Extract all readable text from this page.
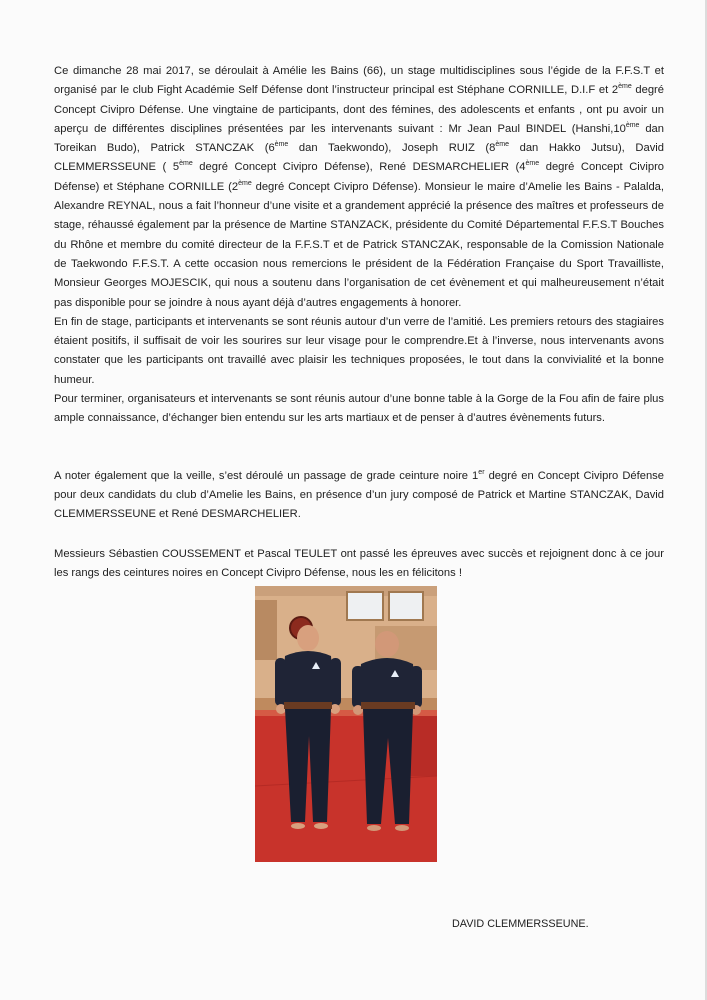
Ce dimanche 28 mai 2017, se déroulait à Amélie les Bains (66), un stage multidisciplines sous l’égide de la F.F.S.T et organisé par le club Fight Académie Self Défense dont l’instructeur principal est Stéphane CORNILLE, D.I.F et 2ème degré Concept Civipro Défense. Une vingtaine de participants, dont des fémines, des adolescents et enfants , ont pu avoir un aperçu de différentes disciplines présentées par les intervenants suivant : Mr Jean Paul BINDEL (Hanshi,10ème dan Toreikan Budo), Patrick STANCZAK (6ème dan Taekwondo), Joseph RUIZ (8ème dan Hakko Jutsu), David CLEMMERSSEUNE ( 5ème degré Concept Civipro Défense), René DESMARCHELIER (4ème degré Concept Civipro Défense) et Stéphane CORNILLE (2ème degré Concept Civipro Défense). Monsieur le maire d’Amelie les Bains - Palalda, Alexandre REYNAL, nous a fait l’honneur d’une visite et a grandement apprécié la présence des maîtres et professeurs de stage, réhaussé également par la présence de Martine STANZACK, présidente du Comité Départemental F.F.S.T Bouches du Rhône et membre du comité directeur de la F.F.S.T et de Patrick STANCZAK, responsable de la Comission Nationale de Taekwondo F.F.S.T. A cette occasion nous remercions le président de la Fédération Française du Sport Travailliste, Monsieur Georges MOJESCIK, qui nous a soutenu dans l’organisation de cet évènement et qui malheureusement n’était pas disponible pour se joindre à nous ayant déjà d’autres engagements à honorer.

En fin de stage, participants et intervenants se sont réunis autour d’un verre de l’amitié. Les premiers retours des stagiaires étaient positifs, il suffisait de voir les sourires sur leur visage pour le comprendre.Et à l’inverse, nous intervenants avons constater que les participants ont travaillé avec plaisir les techniques proposées, le tout dans la convivialité et la bonne humeur.

Pour terminer, organisateurs et intervenants se sont réunis autour d’une bonne table à la Gorge de la Fou afin de faire plus ample connaissance, d’échanger bien entendu sur les arts martiaux et de penser à d’autres évènements futurs.

A noter également que la veille, s’est déroulé un passage de grade ceinture noire 1er degré en Concept Civipro Défense pour deux candidats du club d’Amelie les Bains, en présence d’un jury composé de Patrick et Martine STANCZAK, David CLEMMERSSEUNE et René DESMARCHELIER.

Messieurs Sébastien COUSSEMENT et Pascal TEULET ont passé les épreuves avec succès et rejoignent donc à ce jour les rangs des ceintures noires en Concept Civipro Défense, nous les en félicitons !

DAVID CLEMMERSSEUNE.
